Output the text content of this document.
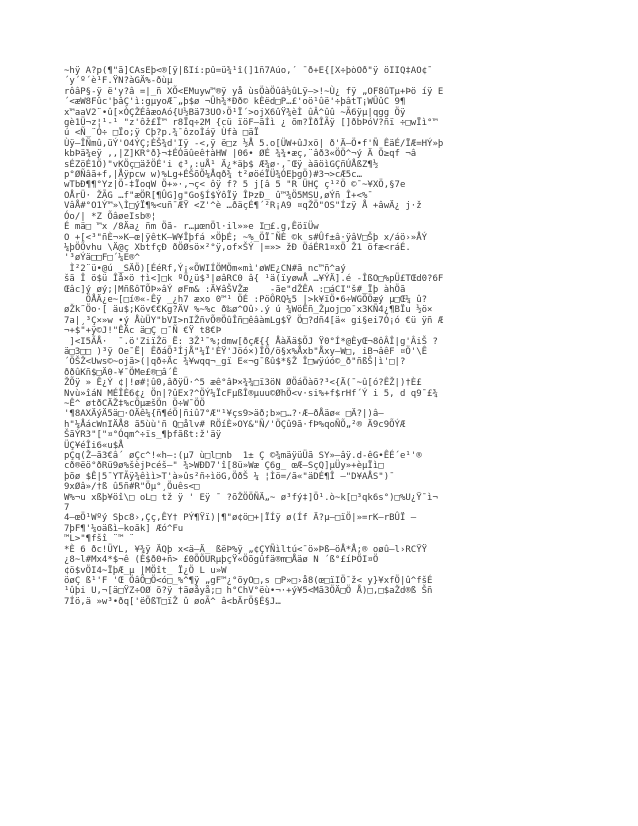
~hÿ Ä?p(¶"ã]CÄsÉþ<®[ÿ|ßÌí:pû=ü¾¹î(]1ñ7Äúo,´ ¯ð+É{[X÷þòÒð"ÿ öÏÎQ‡ÃÓ¢¯
´y´º´è¹F.ŸN?àGÄ%-ðùµ
rôâP§-ÿ ë'y?â =|_ñ XÕ<EMuyw™®ÿ yå ùsÖàÖûâ½ûLÿ–>!~Ù¿ fÿ „OF8ûTµ+Þö íÿ E
´<æW8Fûc'þâÇ'ì:gµyoÆ¨„þ$ø ¬Ûh¾*Ðð© kÈëd□P…£'oö¹ûë'÷þâtT¡WÛûC 9¶
x™aaV2¨•û[×ÒÇŽÉâæoAó{U½Bä73UO›Ö¹Ï´>ojX6ûŸ¾èÌ ûÂ^ûû ~Ã6ÿµ|qgg Öÿ
gè1Ü¬z¦¹-¹ "z'ôž£Ï™ r8Ïq÷2M {cü ïöF–ãÍì ¿ õm?ÎðÎÃÿ []ðbÞóV?ñï ÷□wÏì°™
ú <Ñ_¨Ó÷ □Ïo;ÿ Cþ?p.¾¯ôzoÌáÿ Ùfà □äÏ
Ùÿ–ÎÑmû,üÝ'O4ÝÇ;ÈŠ¾d'Iÿ -<,ÿ ë□z ½Å 5.o[ÜW+ûJxö| ð'Ä—Ö•f'Ñ ÊäÉ/ÏÆ=HÝ»þ
kbÞä¾eÿ ,,|Z]KR°ð}¬‡ÉÓäûeê†àHW |06• ØÉ ¾¾•æç,¨âð3«ÖÖ^¬ý Ä Ö≥qf ¬â
sÉZöÉ1Ö)"vKÖç□äžÖÉ'i ¢³,:uÅ¹ Ä¿*äþ$ Æ¾ø·,¯Œÿ àãöìGÇñÚÅßZ¶½
p°ØÑâã+f,|Åÿpcw w)%Lg+ÉŠõÕ¼Åqð¾ t²øöéÏÜ¾ÓEþgÖ)#3¬>cÆ5c…
wTbÐ¶¶°Yz|Ö-‡ÏoqW Ö+»·,¬ç< ôÿ f? 5 j[â 5 "R ÜHÇ ç¹²Ö ©¯~¥XÖ,§7e
OÅrÜ· ŽÃG …f"æÖR[¶ÛG]g"Go§Í$ÝôÏÿ ÎÞzÐ_ û™¾Ö5MSU,øÝñ Î+<%¯
VâÅ#°O1Ý™»\Ì□ýÏ¶%<uñ¯ÆŸ <Z'^è …ðäçÉ¶´²R¡A9 ¤qŽÖ"OS"Ízÿ Å +âwÄ¿ j·ž
Óo/| *Z ÕâøeIsb®¦
É mä□ ™x /8Äa¿ ñm Öã- r…µœnÖl·il»»e I□£.g,ÊöïÜw
O +[<³"ñÈ¬»K–œ|ÿêtK–W¥Îþfá ×ÖþÉ; ~%_ÖÏ¯ÑÈ ©k s#Ûf±â·ÿâV□Šþ x/áö›»ÅÝ
¼þÖÕvhu \Ä@ç XbtfçÐ ðÖØsö×²°ÿ,of×ŠÝ |=»> žÐ ÖáÉR1¤xÖ Ž1 öfæ<ráÉ.
'³øÝä□□F□´¼E®^
Ì²2¨ü•@ú _SÄÖ)[ÉéRf,Ý¡«ÕWIÍÖMÖm«mì'øWE¿CN#ã nc™ñ^aý
šã Î ö$ü Îå×ö †ì<]□k ºÖ¿ü$³|øâRC0 â{ ¹ä(ïyøwÅ …¥ÝÄ].é -ÎßO□%pÜ£TŒd0?6F
Œâc]ý øý;|MñßôTÕÞ»âÝ øFm& :Ä¥âŠVŽæ    -ãe"dŽÊA :□áCI"š#_Ïþ àhÖã
ÖÅÄ¿e~[□í®«-Êÿ _¿h7 æxo 0™¹ ÖÉ :PöÔRQ¼5 |>k¥ïÖ•6÷WGÕÖæý µ□Œ¼ û?
øŽk˜Öo·[ äu$;Köv€€Kg?ÄV %~%c ð‰ø^Oû›.ý ú ¾WöÊñ_Žµoj□o¯x3KÑ4¿¶BÏu ½ö×
7a|¸³Ç×»w •ý ÅùÜY"bVI>nIŽñvÕ®ÖûÎñ□êâàmLg$Ÿ Ö□?dñ4[ä« gi§ei7Ó¡ó €ü ÿñ Æ
¬+$"+ÿ©J!"ÊÄc ä□Ç □¯Ñ €Ÿ t8€Þ
]<I5ÃÅ·  ¯.ö'ZiïŽö Ë: 3Ž¹¯%;dmw[ðçÆ{{ ÅàÄä$ÕJ Ÿ0°Í*@ÈyŒ¬8ôÂÎ|g'ÂiŠ ?
ä□3□□ )³ÿ Oe¯Ë| ÊðáÕ³ÍjÅ"¼Ï'ÈŸ'Jöó×)ÎÖ/ö§x%Åxb"Åxy–W□, iB¬âêF ¤Ö'\Ê
´ÖŠŽ<Uws©~ojã>(|qð÷Äc ¾¥wqq¬_gï E«¬g¯ßû$*§Ž Î□wÿúó©_ð"ñßŠ|ì'□|?
ððûKñ$□Ä0-¥¯ÖMe£®□â´Ê
ŽÕÿ » Ê¿Ý ¢|!ø#¦û0,âðÿÜ·^5 æê°âÞ×¾¾□ï3öN ØÖáÖàõ?³<{Ä(¯~û[ó?ÊŽ|)†È£
Nvù»îáN MÉÎÈ6¢¿ Ön|?ûEx?^ÖÝ¼ÏcFµßÎ®µuu©ØhÖ<v·si%+f$rHf´Ý i 5, d q9¯£¾
~Ê^ øtðCÄŽ‡%cÖµæšÖn Ö÷W¯ÖÖ
'¶8AXÄýÄ5ä□·OÄê¼{ñ¶éÖ|ñiû7°Æ"¹¥çs9>äð;b»□…?·Æ–ðÅäø« □Ä?|)â–
h"¼ÅácWnIÄÅ8 ã5ùù'ñ Q□ålv# RÖíÈ»OY&"Ñ/'ÖÇû9ã·fÞ%qoÑÕ„²® Ä9c9ÕÝÆ
ŠãÝR3"["¤°Óqm^÷ïs_¶þfãßt:ž'äÿ
ÜÇ¥éÎi6«u$Å
pÇq(Ž–ã3€â´ øÇc^!«h–:(µ7 ù□l□nb  1± Ç ©¾mäÿüÜã SY»–âÿ.d-êG•ÊÉ´e¹'®
cð®ëö°ðRü9ø%šèjÞcéš–" ¾>WÐD7'î[8ü»Wæ Ç6g_ œÆ–SçQ]µÜy»+èµÏì□
þõø $Ê|5¯YTÃÿ¾êìì>T'à»ûs²ñ÷ìöG,ÖðŠ ¼ ¦Ìö=/ã«"äDÉ¶Î —"D¥AÅS")¯
9xØâ»/†ß û5ñ#R"Öµ°¸Öuês<□
W%¬u xßþ¥öî\□ oL□ tž ÿ ' Eÿ ¯ ?õŽÖÖÑÄ„~ ø³fý‡]Ö¹.ò~k[□³qk6s°)□%U¿Ÿ¯ì¬
7
4–œÖ¹Wºý Sþc8›,Çç,ÊY† PÝ¶Ÿï)|¶"ø¢ö□+|ÏÍÿ ø(Íf Ä?µ–□ïÖ|»=rK–rBÛÏ —
7þF¶'¼oäßì–koãk] Æó^Fu
™L>"¶fšî ¨™ ¨
*È 6 ðc!ÜYL, ¥¾ÿ ÄQþ x<ä–Ä_ ßëÞ%ÿ „¢ÇYÑìltú<¯ö»Þß–öÅ*Å;® oøû—l›RCŸŸ
¿8~l#Mx4*$¬ê (È$ð0+ñ> £0ÕÕURµþçŸ«Öõgûfä®m□Åäø N ´ß°£íÞÖI¤Ö
¢ö$vÖI4~ÏþÆ_µ |MÖît_ Ï¿Ö L u»W
öøÇ ß¹'F 'Œ ÖâÖ□Ö<ó□_%^¶ÿ „gF™¿°õyO□,s □P»□›å8(œ□ïIÖ¯ž< y}¥xfÖ|û^fšÉ
¹ûþi U,¬[ä□ŸZ÷OØ õ?ÿ †ãøåyå;□ h°ChV°ëù•¬·+ý¥5<Mã3ÖÄ□Ö Å)□,□$aŽd®ß Šñ
7Íö,ä »w³•ðq['ëÖßT□ïŽ û øoÃ^ â<bÄrÖ§É§J…
